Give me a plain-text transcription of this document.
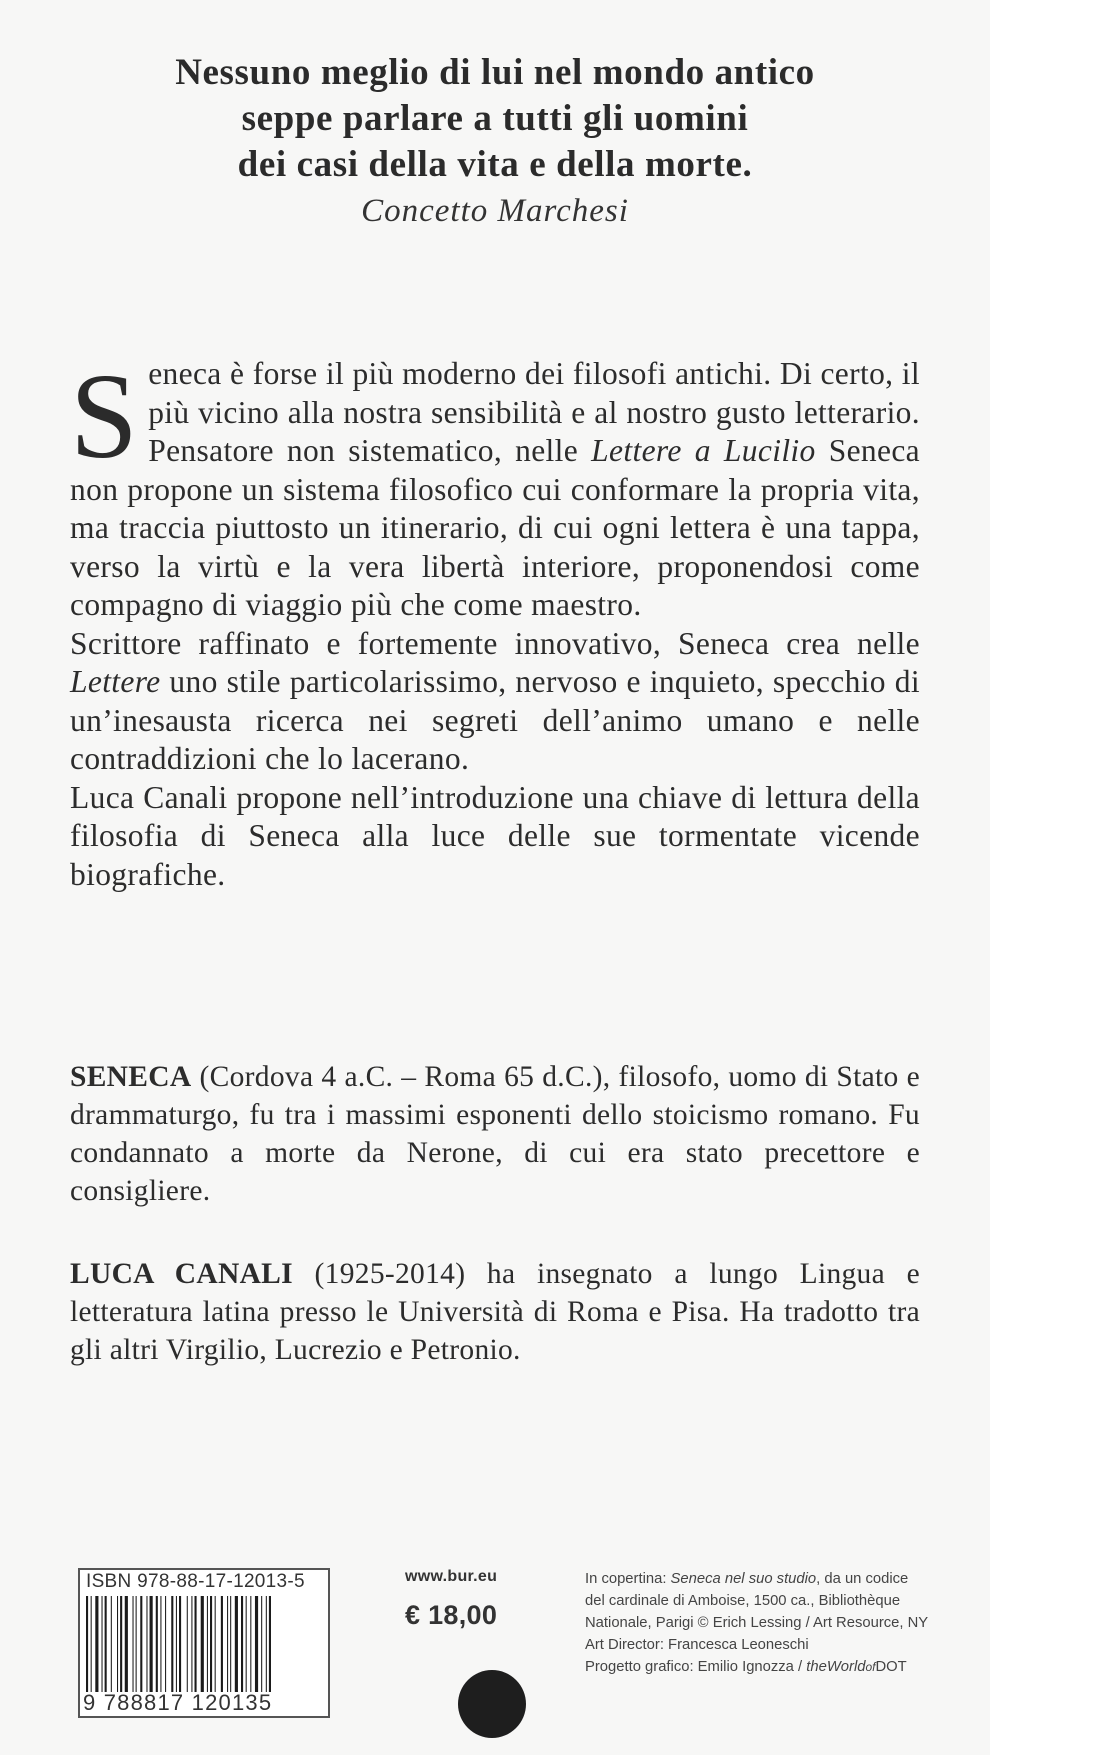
Nessuno meglio di lui nel mondo antico
seppe parlare a tutti gli uomini
dei casi della vita e della morte.
Concetto Marchesi
Seneca è forse il più moderno dei filosofi antichi. Di certo, il più vicino alla nostra sensibilità e al nostro gusto letterario. Pensatore non sistematico, nelle Lettere a Lucilio Seneca non propone un sistema filosofico cui conformare la propria vita, ma traccia piuttosto un itinerario, di cui ogni lettera è una tappa, verso la virtù e la vera libertà interiore, proponendosi come compagno di viaggio più che come maestro.
Scrittore raffinato e fortemente innovativo, Seneca crea nelle Lettere uno stile particolarissimo, nervoso e inquieto, specchio di un’inesausta ricerca nei segreti dell’animo umano e nelle contraddizioni che lo lacerano.
Luca Canali propone nell’introduzione una chiave di lettura della filosofia di Seneca alla luce delle sue tormentate vicende biografiche.
SENECA (Cordova 4 a.C. – Roma 65 d.C.), filosofo, uomo di Stato e drammaturgo, fu tra i massimi esponenti dello stoicismo romano. Fu condannato a morte da Nerone, di cui era stato precettore e consigliere.
LUCA CANALI (1925-2014) ha insegnato a lungo Lingua e letteratura latina presso le Università di Roma e Pisa. Ha tradotto tra gli altri Virgilio, Lucrezio e Petronio.
ISBN 978-88-17-12013-5
9 788817 120135
www.bur.eu
€ 18,00
In copertina: Seneca nel suo studio, da un codice
del cardinale di Amboise, 1500 ca., Bibliothèque
Nationale, Parigi © Erich Lessing / Art Resource, NY
Art Director: Francesca Leoneschi
Progetto grafico: Emilio Ignozza / theWorldofDOT
